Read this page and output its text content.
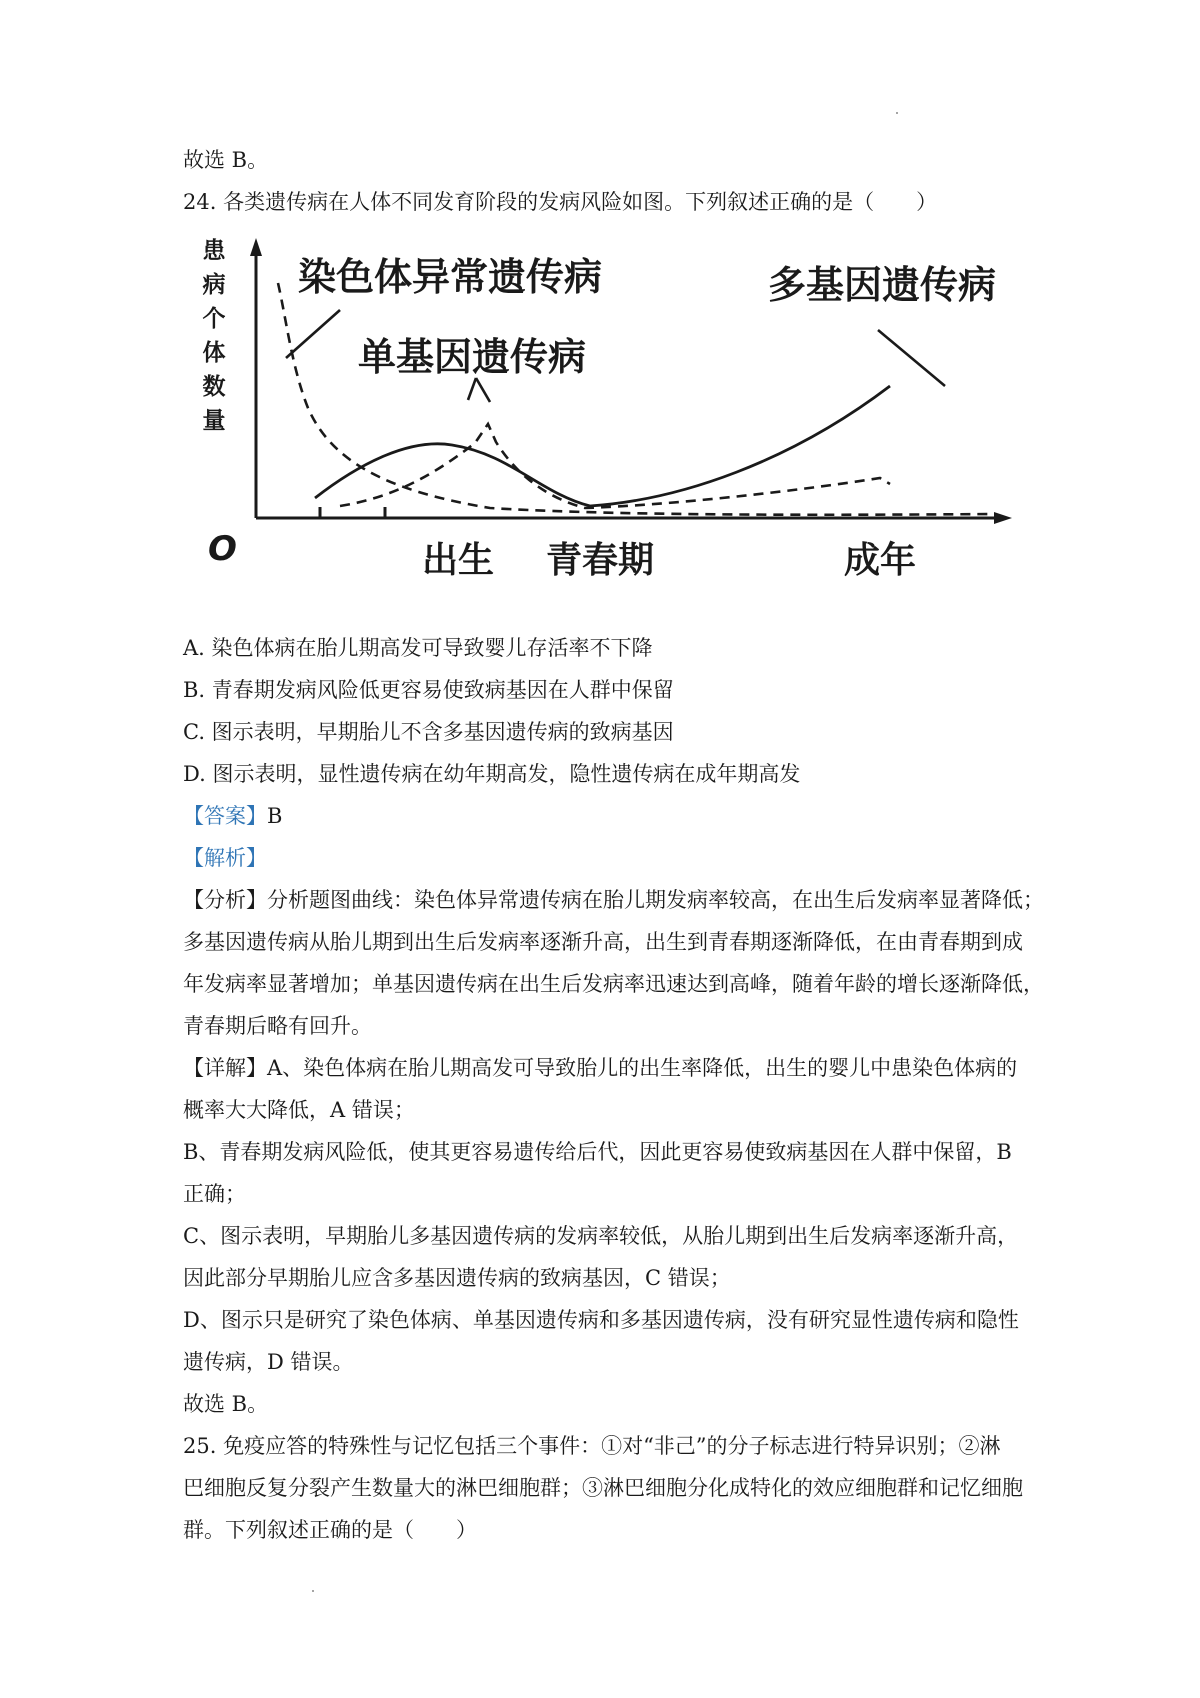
故选 B。
24. 各类遗传病在人体不同发育阶段的发病风险如图。下列叙述正确的是（　　）
患
病
个
体
数
量
O	出生 青春期	成年
染色体异常遗传病
单基因遗传病
多基因遗传病
A. 染色体病在胎儿期高发可导致婴儿存活率不下降
B. 青春期发病风险低更容易使致病基因在人群中保留
C. 图示表明，早期胎儿不含多基因遗传病的致病基因
D. 图示表明，显性遗传病在幼年期高发，隐性遗传病在成年期高发
【答案】B
【解析】
【分析】分析题图曲线：染色体异常遗传病在胎儿期发病率较高，在出生后发病率显著降低；
多基因遗传病从胎儿期到出生后发病率逐渐升高，出生到青春期逐渐降低，在由青春期到成
年发病率显著增加；单基因遗传病在出生后发病率迅速达到高峰，随着年龄的增长逐渐降低，
青春期后略有回升。
【详解】A、染色体病在胎儿期高发可导致胎儿的出生率降低，出生的婴儿中患染色体病的
概率大大降低，A 错误；
B、青春期发病风险低，使其更容易遗传给后代，因此更容易使致病基因在人群中保留，B
正确；
C、图示表明，早期胎儿多基因遗传病的发病率较低，从胎儿期到出生后发病率逐渐升高，
因此部分早期胎儿应含多基因遗传病的致病基因，C 错误；
D、图示只是研究了染色体病、单基因遗传病和多基因遗传病，没有研究显性遗传病和隐性
遗传病，D 错误。
故选 B。
25. 免疫应答的特殊性与记忆包括三个事件：①对“非己”的分子标志进行特异识别；②淋
巴细胞反复分裂产生数量大的淋巴细胞群；③淋巴细胞分化成特化的效应细胞群和记忆细胞
群。下列叙述正确的是（　　）
